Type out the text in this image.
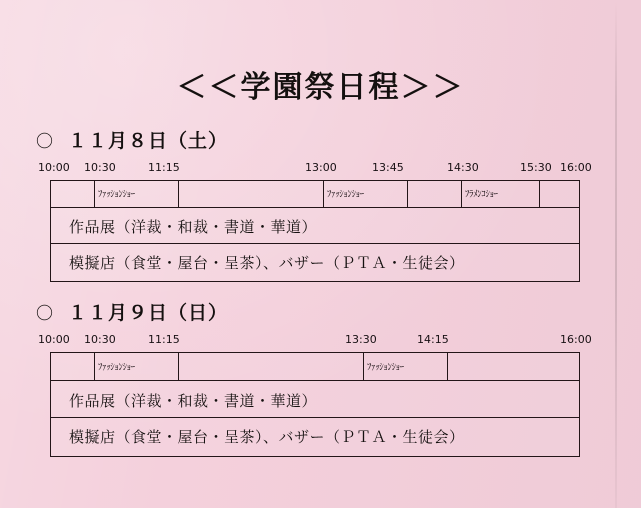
＜＜学園祭日程＞＞
〇 １１月８日（土）
10:00 10:30	11:15	13:00	13:45	14:30	15:30 16:00
ﾌｧｯｼｮﾝｼｮｰ	ﾌｧｯｼｮﾝｼｮｰ	ﾌﾗﾒﾝｺｼｮｰ
作品展（洋裁・和裁・書道・華道）
模擬店（食堂・屋台・呈茶）、バザー（ＰＴＡ・生徒会）
〇 １１月９日（日）
10:00 10:30	11:15	13:30	14:15	16:00
ﾌｧｯｼｮﾝｼｮｰ	ﾌｧｯｼｮﾝｼｮｰ
作品展（洋裁・和裁・書道・華道）
模擬店（食堂・屋台・呈茶）、バザー（ＰＴＡ・生徒会）
